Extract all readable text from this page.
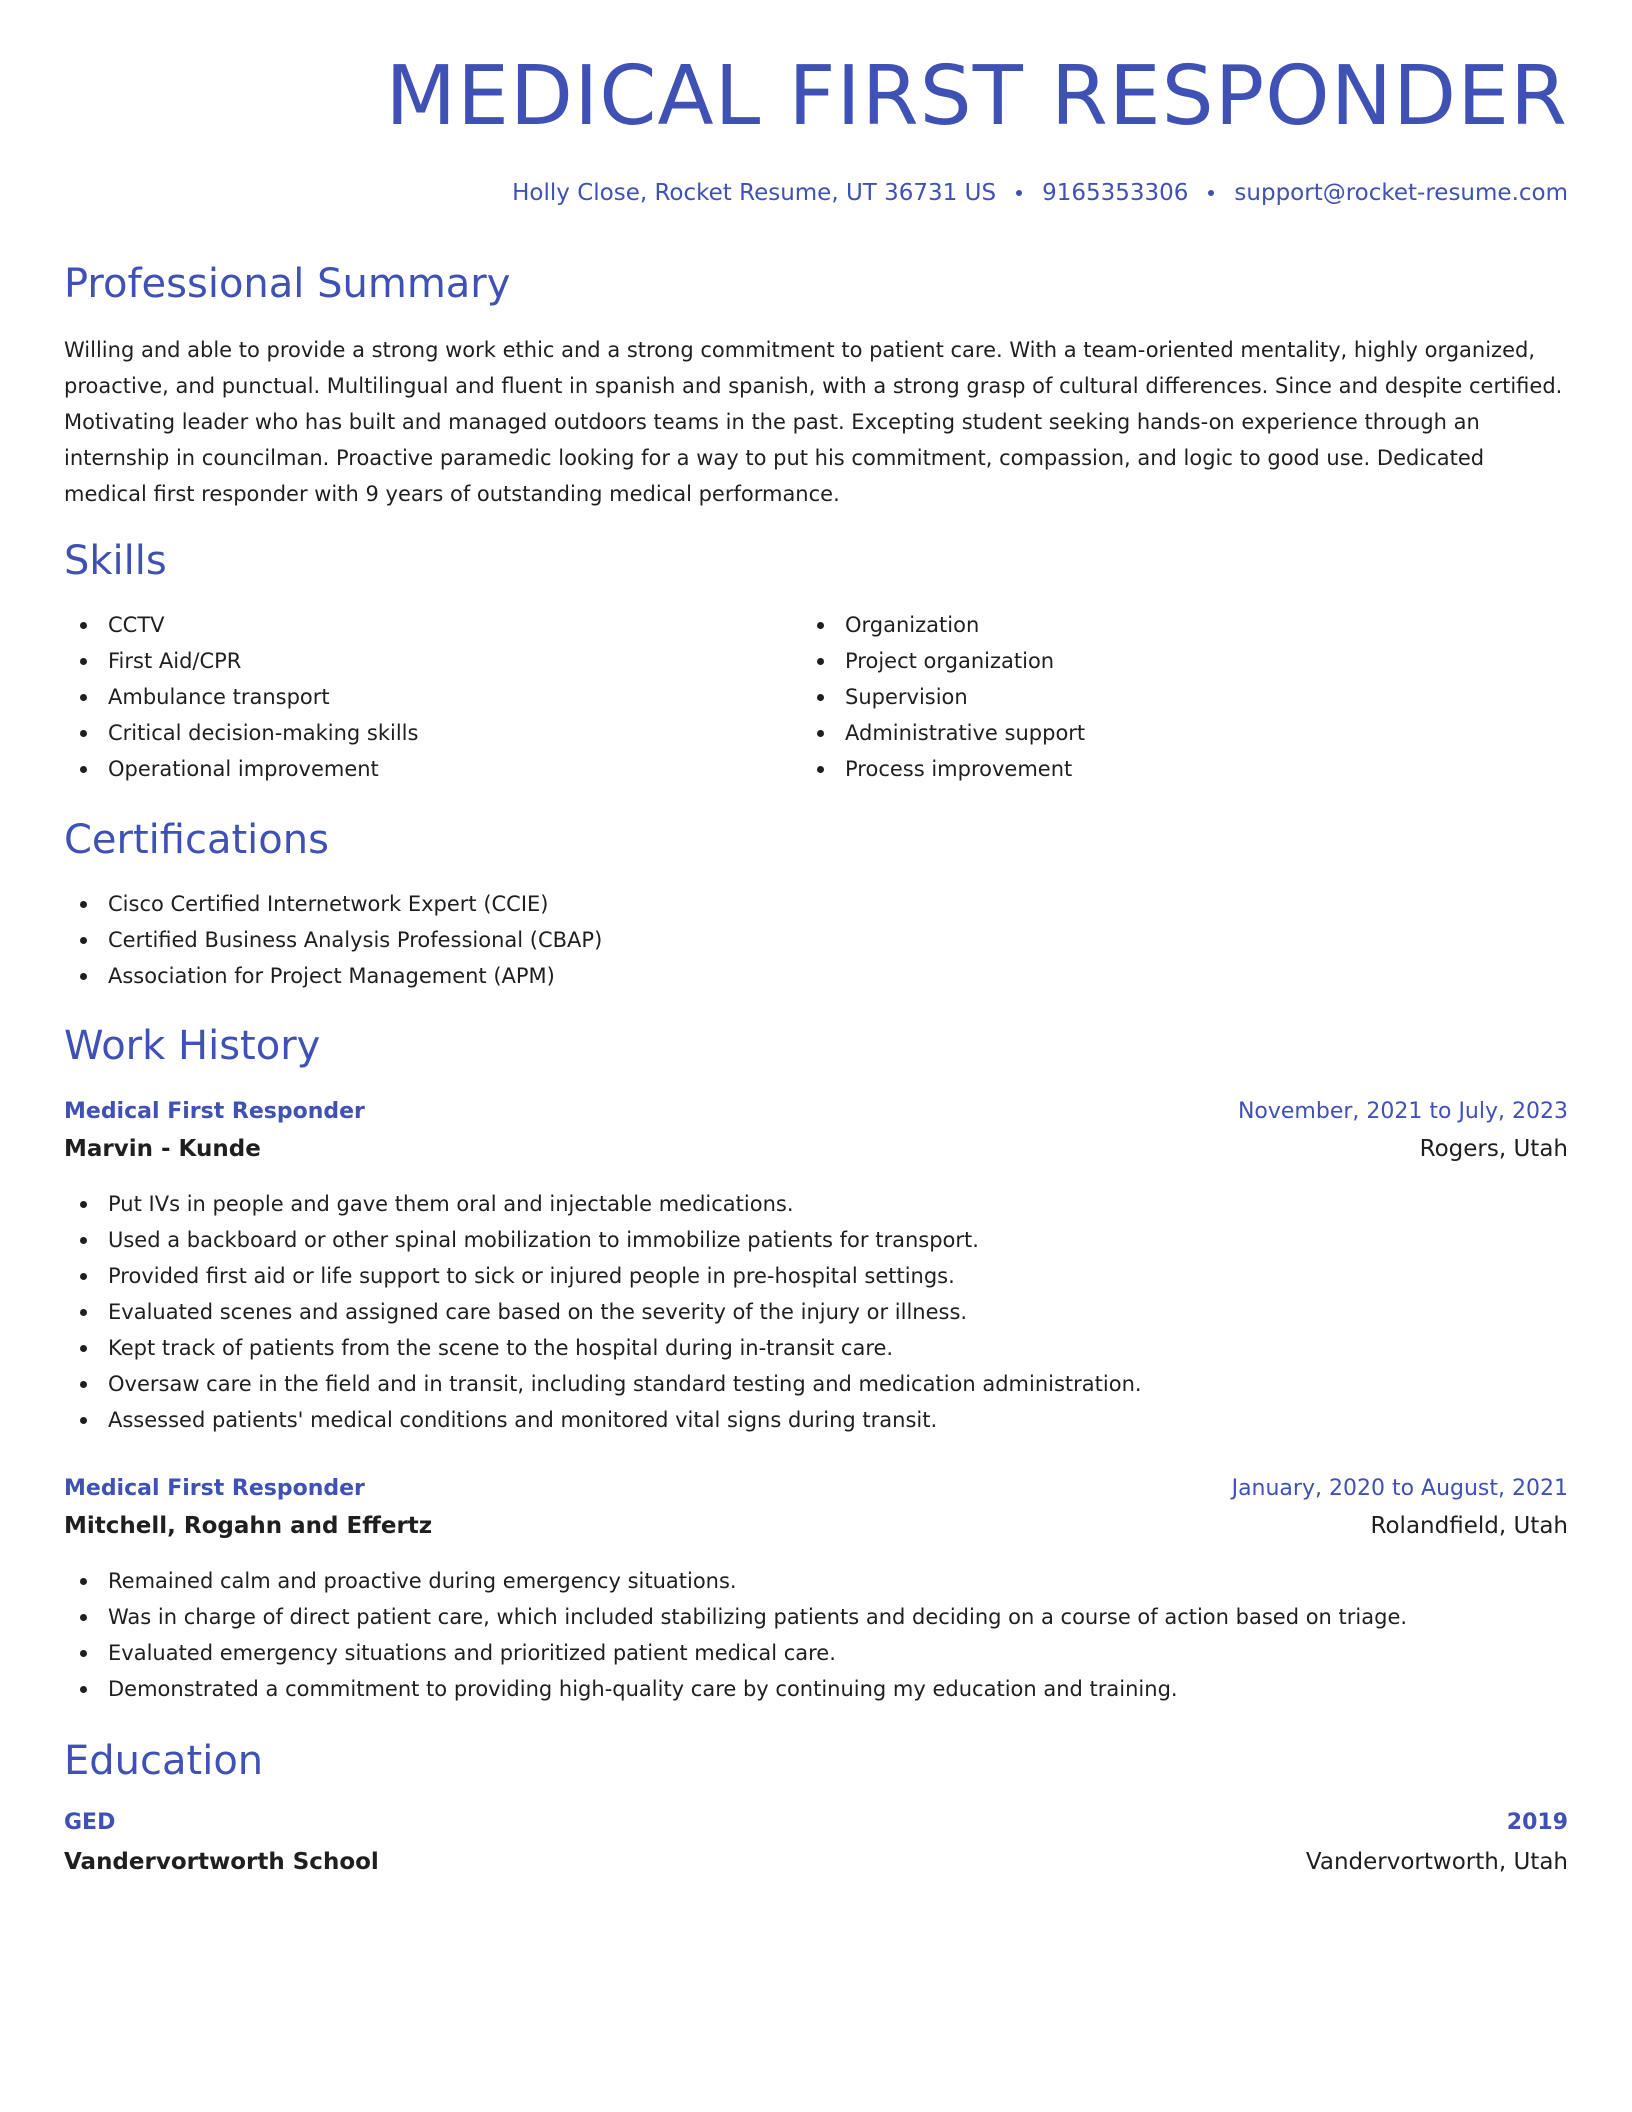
MEDICAL FIRST RESPONDER
Holly Close, Rocket Resume, UT 36731 US 9165353306 support@rocket-resume.com
Professional Summary

Willing and able to provide a strong work ethic and a strong commitment to patient care. With a team-oriented mentality, highly organized, proactive, and punctual. Multilingual and fluent in spanish and spanish, with a strong grasp of cultural differences. Since and despite certified. Motivating leader who has built and managed outdoors teams in the past. Excepting student seeking hands-on experience through an internship in councilman. Proactive paramedic looking for a way to put his commitment, compassion, and logic to good use. Dedicated medical first responder with 9 years of outstanding medical performance.

Skills
CCTV
First Aid/CPR
Ambulance transport
Critical decision-making skills
Operational improvement
Organization
Project organization
Supervision
Administrative support
Process improvement
Certifications
Cisco Certified Internetwork Expert (CCIE)
Certified Business Analysis Professional (CBAP)
Association for Project Management (APM)
Work History
Medical First Responder	November, 2021 to July, 2023
Marvin - Kunde	Rogers, Utah
Put IVs in people and gave them oral and injectable medications.
Used a backboard or other spinal mobilization to immobilize patients for transport.
Provided first aid or life support to sick or injured people in pre-hospital settings.
Evaluated scenes and assigned care based on the severity of the injury or illness.
Kept track of patients from the scene to the hospital during in-transit care.
Oversaw care in the field and in transit, including standard testing and medication administration.
Assessed patients' medical conditions and monitored vital signs during transit.
Medical First Responder	January, 2020 to August, 2021
Mitchell, Rogahn and Effertz	Rolandfield, Utah
Remained calm and proactive during emergency situations.
Was in charge of direct patient care, which included stabilizing patients and deciding on a course of action based on triage.
Evaluated emergency situations and prioritized patient medical care.
Demonstrated a commitment to providing high-quality care by continuing my education and training.
Education
GED	2019
Vandervortworth School	Vandervortworth, Utah
